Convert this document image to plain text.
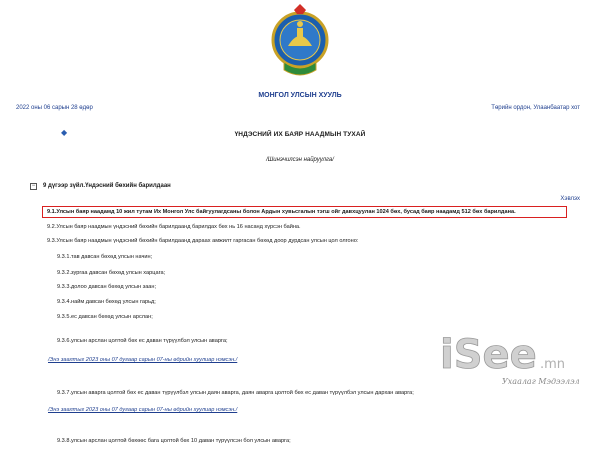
МОНГОЛ УЛСЫН ХУУЛЬ
2022 оны 06 сарын 28 өдөр	Төрийн ордон, Улаанбаатар хот
◆	ҮНДЭСНИЙ ИХ БАЯР НААДМЫН ТУХАЙ
/Шинэчилсэн найруулга/
− 9 дүгээр зүйл.Үндэсний бөхийн барилдаан
Хэвлэх
9.1.Улсын баяр наадамд 10 жил тутам Их Монгол Улс байгуулагдсаны болон Ардын хувьсгалын тэгш ойг давхцуулан 1024 бөх, бусад баяр наадамд 512 бөх барилдана.
9.2.Улсын баяр наадмын үндэсний бөхийн барилдаанд барилдах бөх нь 16 насанд хүрсэн байна.
9.3.Улсын баяр наадмын үндэсний бөхийн барилдаанд дараах амжилт гаргасан бөхөд доор дурдсан улсын цол олгоно:
9.3.1.тав давсан бөхөд улсын начин;
9.3.2.зургаа давсан бөхөд улсын харцага;
9.3.3.долоо давсан бөхөд улсын заан;
9.3.4.найм давсан бөхөд улсын гарьд;
9.3.5.ес давсан бөхөд улсын арслан;
9.3.6.улсын арслан цолтой бөх ес даван түрүүлбэл улсын аварга;
/Энэ заалтыг 2023 оны 07 дугаар сарын 07-ны өдрийн хуулиар нэмсэн./
9.3.7.улсын аварга цолтой бөх ес даван түрүүлбэл улсын даян аварга, даян аварга цолтой бөх ес даван түрүүлбэл улсын дархан аварга;
/Энэ заалтыг 2023 оны 07 дугаар сарын 07-ны өдрийн хуулиар нэмсэн./
9.3.8.улсын арслан цолтой бөхөөс бага цолтой бөх 10 даван түрүүлсэн бол улсын аварга;
iSee .mn
Ухаалаг Мэдээлэл
